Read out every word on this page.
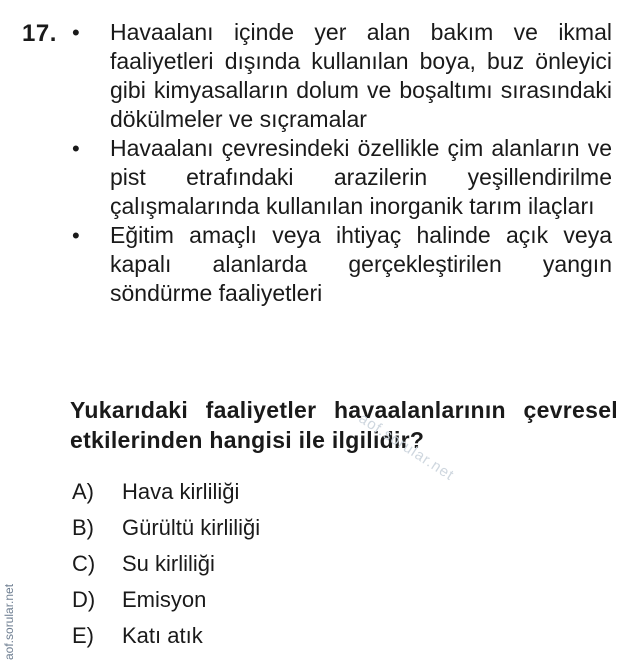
17. • Havaalanı içinde yer alan bakım ve ikmal faaliyetleri dışında kullanılan boya, buz önleyici gibi kimyasalların dolum ve boşaltımı sırasındaki dökülmeler ve sıçramalar
• Havaalanı çevresindeki özellikle çim alanların ve pist etrafındaki arazilerin yeşillendirilme çalışmalarında kullanılan inorganik tarım ilaçları
• Eğitim amaçlı veya ihtiyaç halinde açık veya kapalı alanlarda gerçekleştirilen yangın söndürme faaliyetleri
Yukarıdaki faaliyetler havaalanlarının çevresel etkilerinden hangisi ile ilgilidir?
aof.sorular.net
A)	Hava kirliliği
B)	Gürültü kirliliği
C)	Su kirliliği
D)	Emisyon
E)	Katı atık
aof.sorular.net
